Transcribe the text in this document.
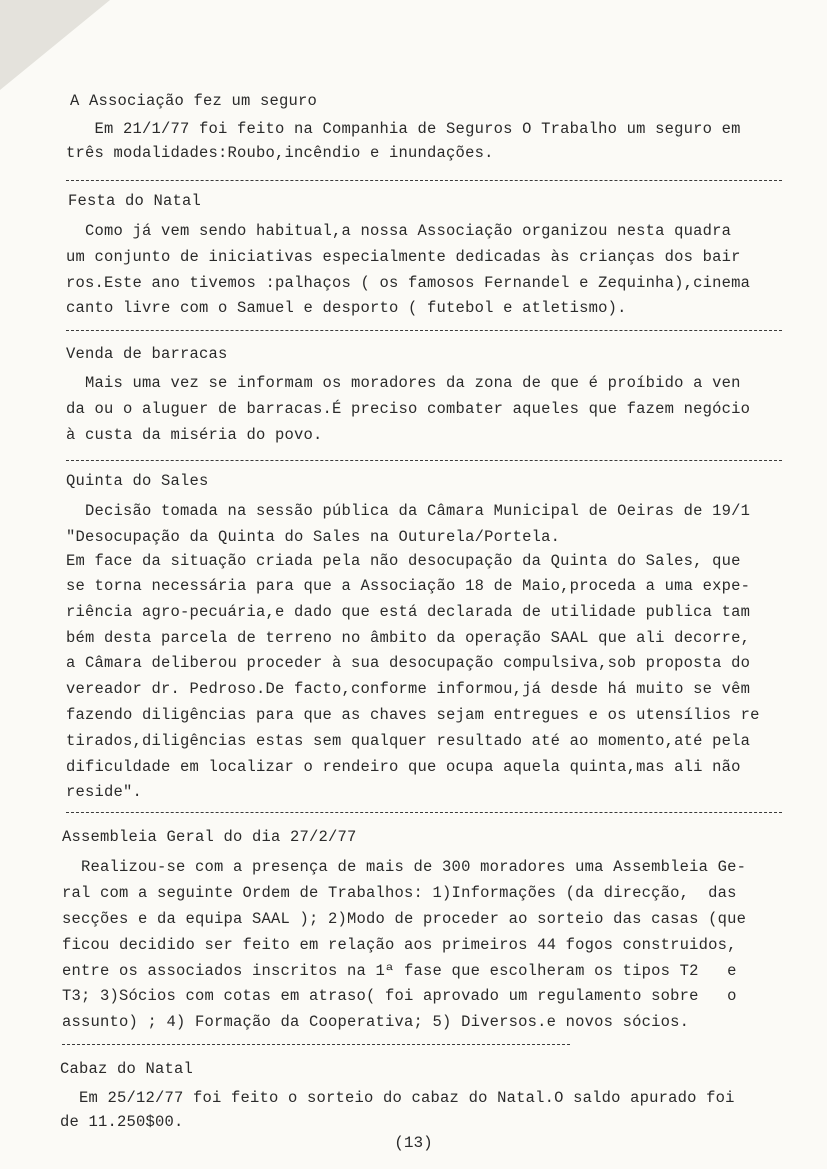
A Associação fez um seguro
Em 21/1/77 foi feito na Companhia de Seguros O Trabalho um seguro em
três modalidades:Roubo,incêndio e inundações.
Festa do Natal
Como já vem sendo habitual,a nossa Associação organizou nesta quadra
um conjunto de iniciativas especialmente dedicadas às crianças dos bair
ros.Este ano tivemos :palhaços ( os famosos Fernandel e Zequinha),cinema
canto livre com o Samuel e desporto ( futebol e atletismo).
Venda de barracas
Mais uma vez se informam os moradores da zona de que é proíbido a ven
da ou o aluguer de barracas.É preciso combater aqueles que fazem negócio
à custa da miséria do povo.
Quinta do Sales
Decisão tomada na sessão pública da Câmara Municipal de Oeiras de 19/1
"Desocupação da Quinta do Sales na Outurela/Portela.
Em face da situação criada pela não desocupação da Quinta do Sales, que
se torna necessária para que a Associação 18 de Maio,proceda a uma expe-
riência agro-pecuária,e dado que está declarada de utilidade publica tam
bém desta parcela de terreno no âmbito da operação SAAL que ali decorre,
a Câmara deliberou proceder à sua desocupação compulsiva,sob proposta do
vereador dr. Pedroso.De facto,conforme informou,já desde há muito se vêm
fazendo diligências para que as chaves sejam entregues e os utensílios re
tirados,diligências estas sem qualquer resultado até ao momento,até pela
dificuldade em localizar o rendeiro que ocupa aquela quinta,mas ali não
reside".
Assembleia Geral do dia 27/2/77
Realizou-se com a presença de mais de 300 moradores uma Assembleia Ge-
ral com a seguinte Ordem de Trabalhos: 1)Informações (da direcção,  das
secções e da equipa SAAL ); 2)Modo de proceder ao sorteio das casas (que
ficou decidido ser feito em relação aos primeiros 44 fogos construidos,
entre os associados inscritos na 1ª fase que escolheram os tipos T2   e
T3; 3)Sócios com cotas em atraso( foi aprovado um regulamento sobre   o
assunto) ; 4) Formação da Cooperativa; 5) Diversos.e novos sócios.
Cabaz do Natal
Em 25/12/77 foi feito o sorteio do cabaz do Natal.O saldo apurado foi
de 11.250$00.
(13)
